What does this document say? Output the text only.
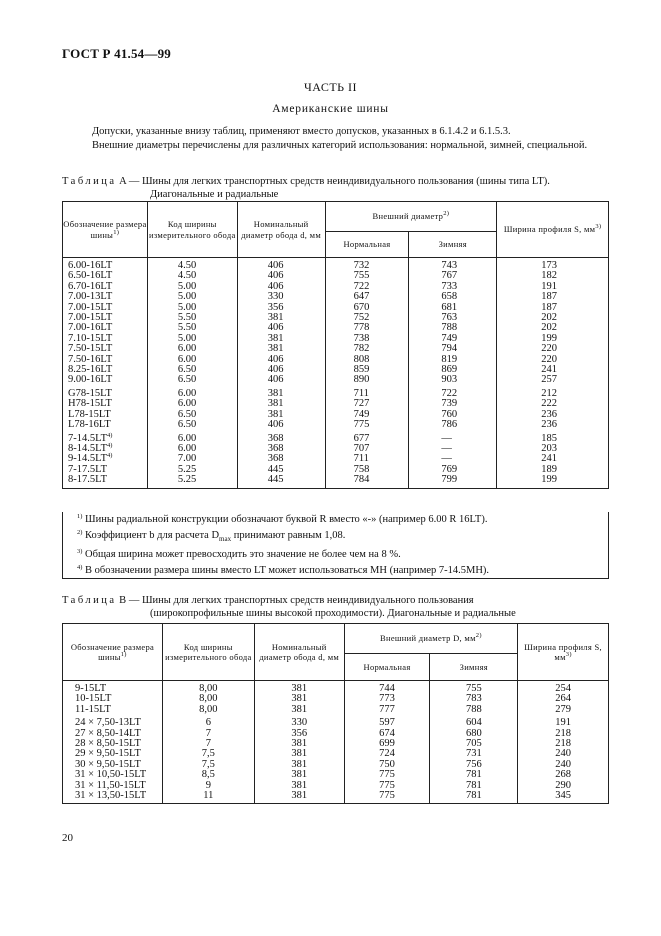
ГОСТ Р 41.54—99
ЧАСТЬ II
Американские шины
Допуски, указанные внизу таблиц, применяют вместо допусков, указанных в 6.1.4.2 и 6.1.5.3.
Внешние диаметры перечислены для различных категорий использования: нормальной, зимней, специальной.
Таблица A — Шины для легких транспортных средств неиндивидуального пользования (шины типа LT).
Диагональные и радиальные
Обозначение размера шины$^{1)}$	Код ширины измерительного обода	Номинальный диаметр обода d, мм	Внешний диаметр$^{2)}$		Ширина профиля S, $мм^{3)}$
			Нормальная	Зимняя	
6.00-16LT	4.50	406	732	743	173
6.50-16LT	4.50	406	755	767	182
6.70-16LT	5.00	406	722	733	191
7.00-13LT	5.00	330	647	658	187
7.00-15LT	5.00	356	670	681	187
7.00-15LT	5.50	381	752	763	202
7.00-16LT	5.50	406	778	788	202
7.10-15LT	5.00	381	738	749	199
7.50-15LT	6.00	381	782	794	220
7.50-16LT	6.00	406	808	819	220
8.25-16LT	6.50	406	859	869	241
9.00-16LT	6.50	406	890	903	257
G78-15LT	6.00	381	711	722	212
H78-15LT	6.00	381	727	739	222
L78-15LT	6.50	381	749	760	236
L78-16LT	6.50	406	775	786	236
7-14.5LT$^{4)}$	6.00	368	677	—	185
8-14.5LT$^{4)}$	6.00	368	707	—	203
9-14.5LT$^{4)}$	7.00	368	711	—	241
7-17.5LT	5.25	445	758	769	189
8-17.5LT	5.25	445	784	799	199
$^{1)}$ Шины радиальной конструкции обозначают буквой R вместо «-» (например 6.00 R 16LT).
$^{2)}$ Коэффициент b для расчета $D_{max}$ принимают равным 1,08.
$^{3)}$ Общая ширина может превосходить это значение не более чем на 8 %.
$^{4)}$ В обозначении размера шины вместо LT может использоваться MH (например 7-14.5MH).
Таблица B — Шины для легких транспортных средств неиндивидуального пользования
(широкопрофильные шины высокой проходимости). Диагональные и радиальные
Обозначение размера шины$^{1)}$	Код ширины измерительного обода	Номинальный диаметр обода d, мм	Внешний диаметр D, $мм^{2)}$		Ширина профиля S, $мм^{3)}$
			Нормальная	Зимняя	
9-15LT	8,00	381	744	755	254
10-15LT	8,00	381	773	783	264
11-15LT	8,00	381	777	788	279
24 × 7,50-13LT	6	330	597	604	191
27 × 8,50-14LT	7	356	674	680	218
28 × 8,50-15LT	7	381	699	705	218
29 × 9,50-15LT	7,5	381	724	731	240
30 × 9,50-15LT	7,5	381	750	756	240
31 × 10,50-15LT	8,5	381	775	781	268
31 × 11,50-15LT	9	381	775	781	290
31 × 13,50-15LT	11	381	775	781	345
20
